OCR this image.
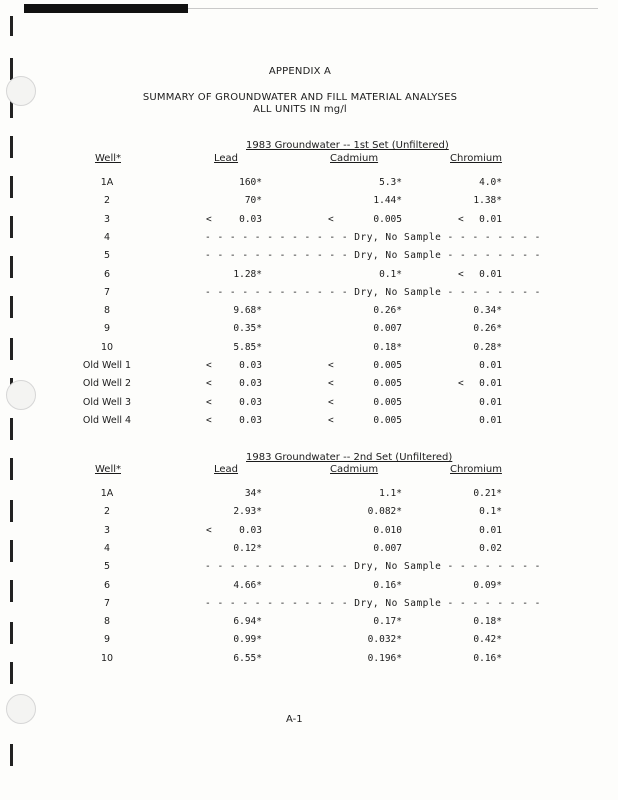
APPENDIX A
SUMMARY OF GROUNDWATER AND FILL MATERIAL ANALYSES
ALL UNITS IN mg/l
1983 Groundwater -- 1st Set (Unfiltered)
Well*	Lead	Cadmium	Chromium
1A	160*	5.3*	4.0*
2	70*	1.44*	1.38*
3	<	0.03	<	0.005	<	0.01
4	- - - - - - - - - - - - Dry, No Sample - - - - - - - -
5	- - - - - - - - - - - - Dry, No Sample - - - - - - - -
6	1.28*	0.1*	<	0.01
7	- - - - - - - - - - - - Dry, No Sample - - - - - - - -
8	9.68*	0.26*	0.34*
9	0.35*	0.007	0.26*
10	5.85*	0.18*	0.28*
Old Well 1	<	0.03	<	0.005	0.01
Old Well 2	<	0.03	<	0.005	<	0.01
Old Well 3	<	0.03	<	0.005	0.01
Old Well 4	<	0.03	<	0.005	0.01
1983 Groundwater -- 2nd Set (Unfiltered)
Well*	Lead	Cadmium	Chromium
1A	34*	1.1*	0.21*
2	2.93*	0.082*	0.1*
3	<	0.03	0.010	0.01
4	0.12*	0.007	0.02
5	- - - - - - - - - - - - Dry, No Sample - - - - - - - -
6	4.66*	0.16*	0.09*
7	- - - - - - - - - - - - Dry, No Sample - - - - - - - -
8	6.94*	0.17*	0.18*
9	0.99*	0.032*	0.42*
10	6.55*	0.196*	0.16*
A-1
